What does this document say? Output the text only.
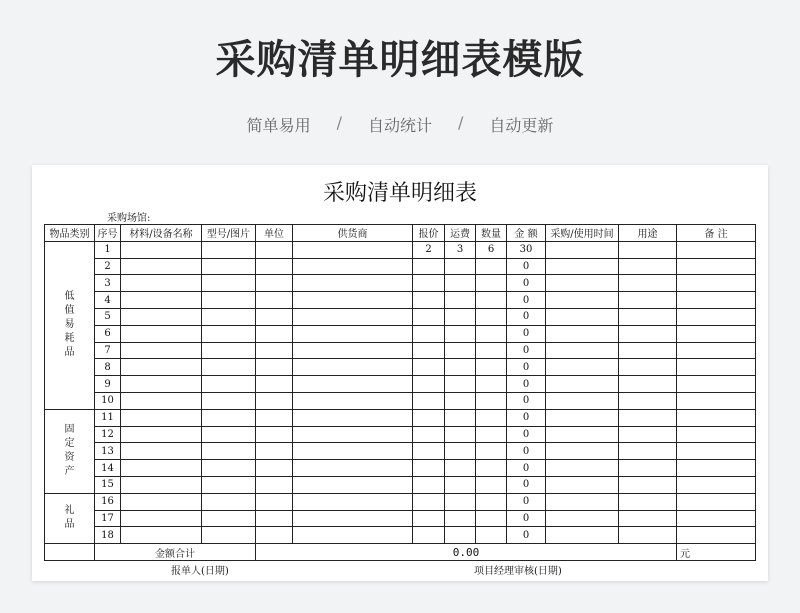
采购清单明细表模版
简单易用 / 自动统计 / 自动更新
采购清单明细表
采购场馆:
物品类别	序号	材料/设备名称	型号/图片	单位	供货商	报价	运费	数量	金 额	采购/使用时间	用途	备 注

低
值
易
耗
品	1					2	3	6	30			
	2								0			
	3								0			
	4								0			
	5								0			
	6								0			
	7								0			
	8								0			
	9								0			
	10								0			

固
定
资
产	11								0			
	12								0			
	13								0			
	14								0			
	15								0			

礼
品	16								0			
	17								0			
	18								0			
	金额合计			0.00								元
报单人(日期)	项目经理审核(日期)
